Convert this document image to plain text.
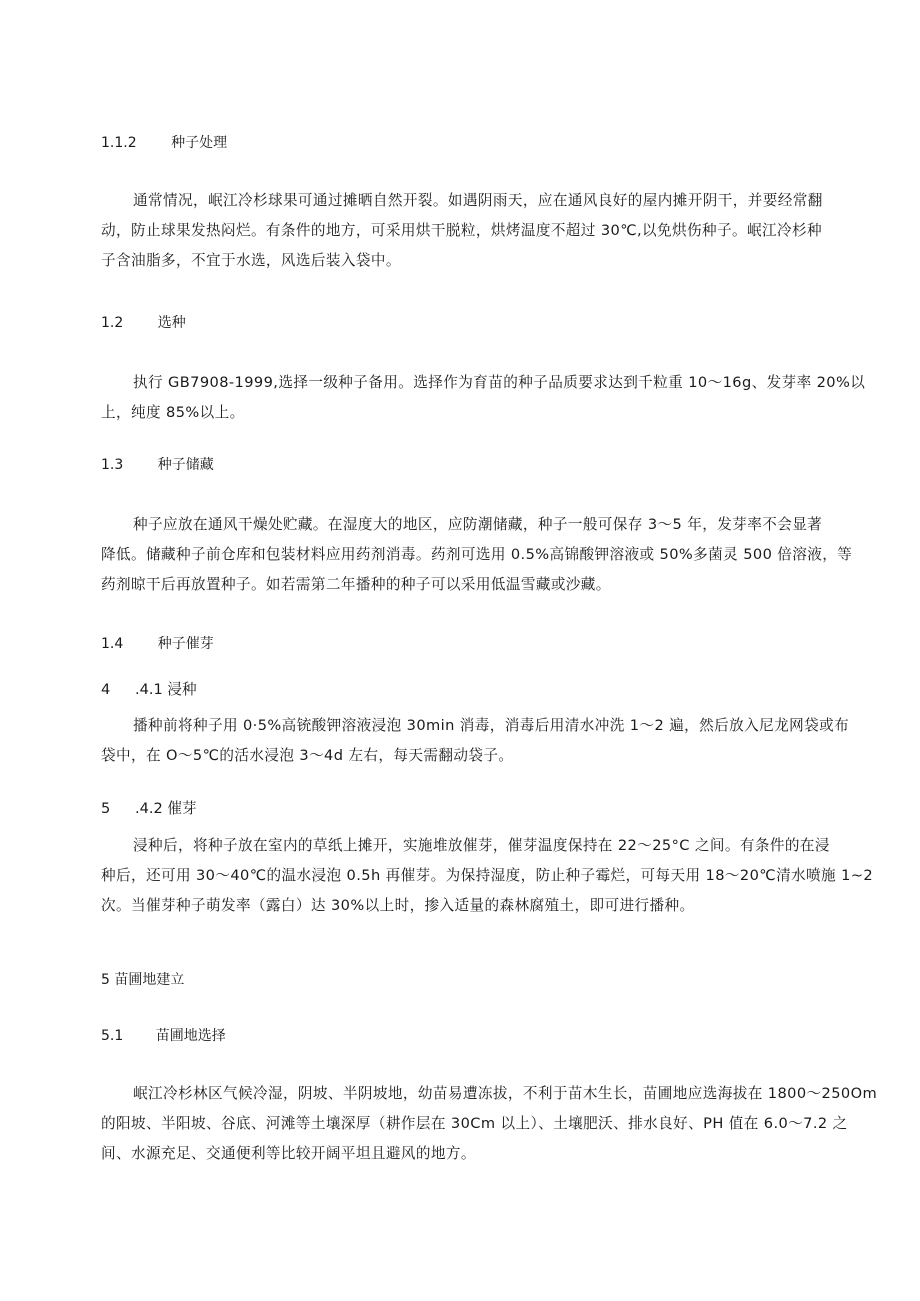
1.1.2 种子处理
通常情况，岷江冷杉球果可通过摊晒自然开裂。如遇阴雨天，应在通风良好的屋内摊开阴干，并要经常翻
动，防止球果发热闷烂。有条件的地方，可采用烘干脱粒，烘烤温度不超过 30℃,以免烘伤种子。岷江冷杉种
子含油脂多，不宜于水选，风选后装入袋中。
1.2 选种
执行 GB7908-1999,选择一级种子备用。选择作为育苗的种子品质要求达到千粒重 10～16g、发芽率 20%以
上，纯度 85%以上。
1.3 种子储藏
种子应放在通风干燥处贮藏。在湿度大的地区，应防潮储藏，种子一般可保存 3～5 年，发芽率不会显著
降低。储藏种子前仓库和包装材料应用药剂消毒。药剂可选用 0.5%高锦酸钾溶液或 50%多菌灵 500 倍溶液，等
药剂晾干后再放置种子。如若需第二年播种的种子可以采用低温雪藏或沙藏。
1.4 种子催芽
4 .4.1 浸种
播种前将种子用 0·5%高铳酸钾溶液浸泡 30min 消毒，消毒后用清水冲洗 1～2 遍，然后放入尼龙网袋或布
袋中，在 O～5℃的活水浸泡 3～4d 左右，每天需翻动袋子。
5 .4.2 催芽
浸种后，将种子放在室内的草纸上摊开，实施堆放催芽，催芽温度保持在 22～25°C 之间。有条件的在浸
种后，还可用 30～40℃的温水浸泡 0.5h 再催芽。为保持湿度，防止种子霉烂，可每天用 18～20℃清水喷施 1~2
次。当催芽种子萌发率（露白）达 30%以上时，掺入适量的森林腐殖土，即可进行播种。
5 苗圃地建立
5.1 苗圃地选择
岷江冷杉林区气候冷湿，阴坡、半阴坡地，幼苗易遭冻拔，不利于苗木生长，苗圃地应选海拔在 1800～250Om
的阳坡、半阳坡、谷底、河滩等土壤深厚（耕作层在 30Cm 以上）、土壤肥沃、排水良好、PH 值在 6.0～7.2 之
间、水源充足、交通便利等比较开阔平坦且避风的地方。
